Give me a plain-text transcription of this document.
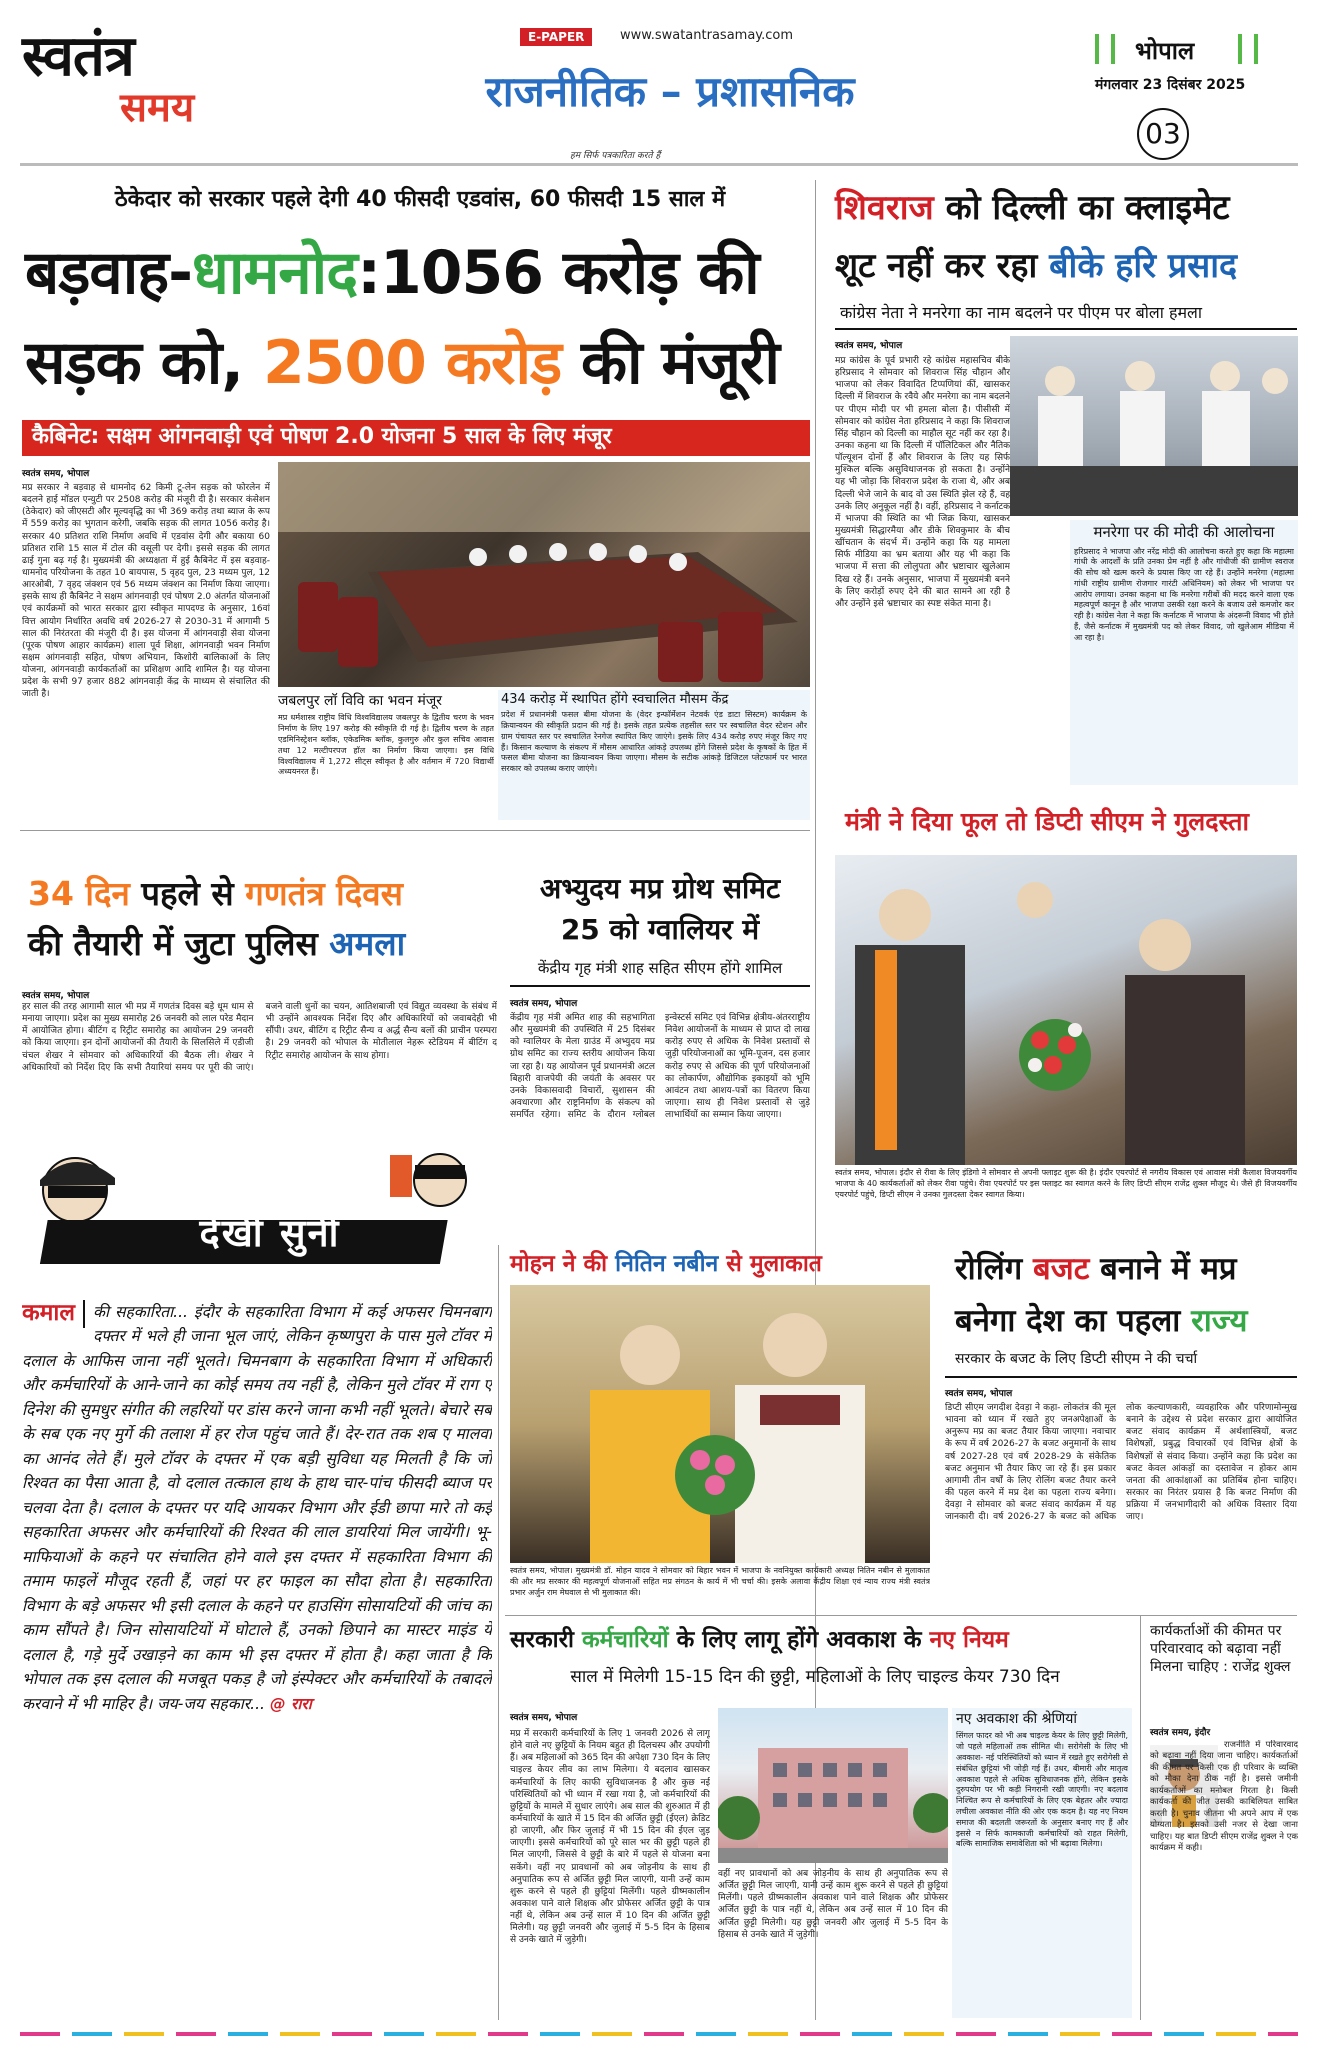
स्वतंत्र
समय
E-PAPER	www.swatantrasamay.com
राजनीतिक – प्रशासनिक
हम सिर्फ पत्रकारिता करते हैं
भोपाल
मंगलवार 23 दिसंबर 2025
03
ठेकेदार को सरकार पहले देगी 40 फीसदी एडवांस, 60 फीसदी 15 साल में
बड़वाह-धामनोद:1056 करोड़ की
सड़क को, 2500 करोड़ की मंजूरी
कैबिनेट: सक्षम आंगनवाड़ी एवं पोषण 2.0 योजना 5 साल के लिए मंजूर
स्वतंत्र समय, भोपाल
मप्र सरकार ने बड़वाह से धामनोद 62 किमी टू-लेन सड़क को फोरलेन में बदलने हाई मॉडल एन्युटी पर 2508 करोड़ की मंजूरी दी है। सरकार कंसेशन (ठेकेदार) को जीएसटी और मूल्यवृद्धि का भी 369 करोड़ तथा ब्याज के रूप में 559 करोड़ का भुगतान करेगी, जबकि सड़क की लागत 1056 करोड़ है। सरकार 40 प्रतिशत राशि निर्माण अवधि में एडवांस देगी और बकाया 60 प्रतिशत राशि 15 साल में टोल की वसूली पर देगी। इससे सड़क की लागत ढाई गुना बढ़ गई है। मुख्यमंत्री की अध्यक्षता में हुई कैबिनेट में इस बड़वाह-धामनोद परियोजना के तहत 10 बायपास, 5 वृहद पुल, 23 मध्यम पुल, 12 आरओबी, 7 वृहद जंक्शन एवं 56 मध्यम जंक्शन का निर्माण किया जाएगा। इसके साथ ही कैबिनेट ने सक्षम आंगनवाड़ी एवं पोषण 2.0 अंतर्गत योजनाओं एवं कार्यक्रमों को भारत सरकार द्वारा स्वीकृत मापदण्ड के अनुसार, 16वां वित्त आयोग निर्धारित अवधि वर्ष 2026-27 से 2030-31 में आगामी 5 साल की निरंतरता की मंजूरी दी है। इस योजना में आंगनवाड़ी सेवा योजना (पूरक पोषण आहार कार्यक्रम) शाला पूर्व शिक्षा, आंगनवाड़ी भवन निर्माण सक्षम आंगनवाड़ी सहित, पोषण अभियान, किशोरी बालिकाओं के लिए योजना, आंगनवाड़ी कार्यकर्ताओं का प्रशिक्षण आदि शामिल है। यह योजना प्रदेश के सभी 97 हजार 882 आंगनवाड़ी केंद्र के माध्यम से संचालित की जाती है।	जबलपुर लॉ विवि का भवन मंजूर
मप्र धर्मशास्त्र राष्ट्रीय विधि विश्वविद्यालय जबलपुर के द्वितीय चरण के भवन निर्माण के लिए 197 करोड़ की स्वीकृति दी गई है। द्वितीय चरण के तहत एडमिनिस्ट्रेशन ब्लॉक, एकेडमिक ब्लॉक, कुलगुरु और कुल सचिव आवास तथा 12 मल्टीपरपज हॉल का निर्माण किया जाएगा। इस विधि विश्वविद्यालय में 1,272 सीट्स स्वीकृत है और वर्तमान में 720 विद्यार्थी अध्ययनरत हैं।
434 करोड़ में स्थापित होंगे स्वचालित मौसम केंद्र
प्रदेश में प्रधानमंत्री फसल बीमा योजना के (वेदर इन्फॉर्मेशन नेटवर्क एंड डाटा सिस्टम) कार्यक्रम के क्रियान्वयन की स्वीकृति प्रदान की गई है। इसके तहत प्रत्येक तहसील स्तर पर स्वचालित वेदर स्टेशन और ग्राम पंचायत स्तर पर स्वचालित रेनगेज स्थापित किए जाएंगे। इसके लिए 434 करोड़ रुपए मंजूर किए गए हैं। किसान कल्याण के संकल्प में मौसम आधारित आंकड़े उपलब्ध होंगे जिससे प्रदेश के कृषकों के हित में फसल बीमा योजना का क्रियान्वयन किया जाएगा। मौसम के सटीक आंकड़े डिजिटल प्लेटफार्म पर भारत सरकार को उपलब्ध कराए जाएंगे।
शिवराज को दिल्ली का क्लाइमेट
शूट नहीं कर रहा बीके हरि प्रसाद
कांग्रेस नेता ने मनरेगा का नाम बदलने पर पीएम पर बोला हमला
स्वतंत्र समय, भोपाल
मप्र कांग्रेस के पूर्व प्रभारी रहे कांग्रेस महासचिव बीके हरिप्रसाद ने सोमवार को शिवराज सिंह चौहान और भाजपा को लेकर विवादित टिप्पणियां कीं, खासकर दिल्ली में शिवराज के रवैये और मनरेगा का नाम बदलने पर पीएम मोदी पर भी हमला बोला है। पीसीसी में सोमवार को कांग्रेस नेता हरिप्रसाद ने कहा कि शिवराज सिंह चौहान को दिल्ली का माहौल सूट नहीं कर रहा है। उनका कहना था कि दिल्ली में पॉलिटिकल और नैतिक पॉल्यूशन दोनों हैं और शिवराज के लिए यह सिर्फ मुश्किल बल्कि असुविधाजनक हो सकता है। उन्होंने यह भी जोड़ा कि शिवराज प्रदेश के राजा थे, और अब दिल्ली भेजे जाने के बाद वो उस स्थिति झेल रहे हैं, वह उनके लिए अनुकूल नहीं है। वहीं, हरिप्रसाद ने कर्नाटक में भाजपा की स्थिति का भी जिक्र किया, खासकर मुख्यमंत्री सिद्धारमैया और डीके शिवकुमार के बीच खींचतान के संदर्भ में। उन्होंने कहा कि यह मामला सिर्फ मीडिया का भ्रम बताया और यह भी कहा कि भाजपा में सत्ता की लोलुपता और भ्रष्टाचार खुलेआम दिख रहे हैं। उनके अनुसार, भाजपा में मुख्यमंत्री बनने के लिए करोड़ों रुपए देने की बात सामने आ रही है और उन्होंने इसे भ्रष्टाचार का स्पष्ट संकेत माना है।
मनरेगा पर की मोदी की आलोचना
हरिप्रसाद ने भाजपा और नरेंद्र मोदी की आलोचना करते हुए कहा कि महात्मा गांधी के आदर्शों के प्रति उनका प्रेम नहीं है और गांधीजी की ग्रामीण स्वराज की सोच को खत्म करने के प्रयास किए जा रहे हैं। उन्होंने मनरेगा (महात्मा गांधी राष्ट्रीय ग्रामीण रोजगार गारंटी अधिनियम) को लेकर भी भाजपा पर आरोप लगाया। उनका कहना था कि मनरेगा गरीबों की मदद करने वाला एक महत्वपूर्ण कानून है और भाजपा उसकी रक्षा करने के बजाय उसे कमजोर कर रही है। कांग्रेस नेता ने कहा कि कर्नाटक में भाजपा के अंदरूनी विवाद भी होते हैं, जैसे कर्नाटक में मुख्यमंत्री पद को लेकर विवाद, जो खुलेआम मीडिया में आ रहा है।
34 दिन पहले से गणतंत्र दिवस
की तैयारी में जुटा पुलिस अमला
स्वतंत्र समय, भोपाल
हर साल की तरह आगामी साल भी मप्र में गणतंत्र दिवस बड़े धूम धाम से मनाया जाएगा। प्रदेश का मुख्य समारोह 26 जनवरी को लाल परेड मैदान में आयोजित होगा। बीटिंग द रिट्रीट समारोह का आयोजन 29 जनवरी को किया जाएगा। इन दोनों आयोजनों की तैयारी के सिलसिले में एडीजी चंचल शेखर ने सोमवार को अधिकारियों की बैठक ली। शेखर ने अधिकारियों को निर्देश दिए कि सभी तैयारियां समय पर पूरी की जाएं। बजने वाली धुनों का चयन, आतिशबाजी एवं विद्युत व्यवस्था के संबंध में भी उन्होंने आवश्यक निर्देश दिए और अधिकारियों को जवाबदेही भी सौंपी। उधर, बीटिंग द रिट्रीट सैन्य व अर्द्ध सैन्य बलों की प्राचीन परम्परा है। 29 जनवरी को भोपाल के मोतीलाल नेहरू स्टेडियम में बीटिंग द रिट्रीट समारोह आयोजन के साथ होगा।
अभ्युदय मप्र ग्रोथ समिट
25 को ग्वालियर में
केंद्रीय गृह मंत्री शाह सहित सीएम होंगे शामिल
स्वतंत्र समय, भोपाल
केंद्रीय गृह मंत्री अमित शाह की सहभागिता और मुख्यमंत्री की उपस्थिति में 25 दिसंबर को ग्वालियर के मेला ग्राउंड में अभ्युदय मप्र ग्रोथ समिट का राज्य स्तरीय आयोजन किया जा रहा है। यह आयोजन पूर्व प्रधानमंत्री अटल बिहारी वाजपेयी की जयंती के अवसर पर उनके विकासवादी विचारों, सुशासन की अवधारणा और राष्ट्रनिर्माण के संकल्प को समर्पित रहेगा। समिट के दौरान ग्लोबल इन्वेस्टर्स समिट एवं विभिन्न क्षेत्रीय-अंतरराष्ट्रीय निवेश आयोजनों के माध्यम से प्राप्त दो लाख करोड़ रुपए से अधिक के निवेश प्रस्तावों से जुड़ी परियोजनाओं का भूमि-पूजन, दस हजार करोड़ रुपए से अधिक की पूर्ण परियोजनाओं का लोकार्पण, औद्योगिक इकाइयों को भूमि आवंटन तथा आशय-पत्रों का वितरण किया जाएगा। साथ ही निवेश प्रस्तावों से जुड़े लाभार्थियों का सम्मान किया जाएगा।
मंत्री ने दिया फूल तो डिप्टी सीएम ने गुलदस्ता
स्वतंत्र समय, भोपाल। इंदौर से रीवा के लिए इंडिगो ने सोमवार से अपनी फ्लाइट शुरू की है। इंदौर एयरपोर्ट से नगरीय विकास एवं आवास मंत्री कैलाश विजयवर्गीय भाजपा के 40 कार्यकर्ताओं को लेकर रीवा पहुंचे। रीवा एयरपोर्ट पर इस फ्लाइट का स्वागत करने के लिए डिप्टी सीएम राजेंद्र शुक्ल मौजूद थे। जैसे ही विजयवर्गीय एयरपोर्ट पहुंचे, डिप्टी सीएम ने उनका गुलदस्ता देकर स्वागत किया।
देखी सुनी
कमाल	की सहकारिता... इंदौर के सहकारिता विभाग में कई अफसर चिमनबाग दफ्तर में भले ही जाना भूल जाएं, लेकिन कृष्णपुरा के पास मुले टॉवर में दलाल के आफिस जाना नहीं भूलते। चिमनबाग के सहकारिता विभाग में अधिकारी और कर्मचारियों के आने-जाने का कोई समय तय नहीं है, लेकिन मुले टॉवर में राग ए दिनेश की सुमधुर संगीत की लहरियों पर डांस करने जाना कभी नहीं भूलते। बेचारे सब के सब एक नए मुर्गे की तलाश में हर रोज पहुंच जाते हैं। देर-रात तक शब ए मालवा का आनंद लेते हैं। मुले टॉवर के दफ्तर में एक बड़ी सुविधा यह मिलती है कि जो रिश्वत का पैसा आता है, वो दलाल तत्काल हाथ के हाथ चार-पांच फीसदी ब्याज पर चलवा देता है। दलाल के दफ्तर पर यदि आयकर विभाग और ईडी छापा मारे तो कई सहकारिता अफसर और कर्मचारियों की रिश्वत की लाल डायरियां मिल जायेंगी। भू-माफियाओं के कहने पर संचालित होने वाले इस दफ्तर में सहकारिता विभाग की तमाम फाइलें मौजूद रहती हैं, जहां पर हर फाइल का सौदा होता है। सहकारिता विभाग के बड़े अफसर भी इसी दलाल के कहने पर हाउसिंग सोसायटियों की जांच का काम सौंपते है। जिन सोसायटियों में घोटाले हैं, उनको छिपाने का मास्टर माइंड ये दलाल है, गड़े मुर्दे उखाड़ने का काम भी इस दफ्तर में होता है। कहा जाता है कि भोपाल तक इस दलाल की मजबूत पकड़ है जो इंस्पेक्टर और कर्मचारियों के तबादले करवाने में भी माहिर है। जय-जय सहकार... @ रारा
मोहन ने की नितिन नबीन से मुलाकात
स्वतंत्र समय, भोपाल। मुख्यमंत्री डॉ. मोहन यादव ने सोमवार को बिहार भवन में भाजपा के नवनियुक्त कार्यकारी अध्यक्ष नितिन नबीन से मुलाकात की और मप्र सरकार की महत्वपूर्ण योजनाओं सहित मप्र संगठन के कार्य में भी चर्चा की। इसके अलावा केंद्रीय शिक्षा एवं न्याय राज्य मंत्री स्वतंत्र प्रभार अर्जुन राम मेघवाल से भी मुलाकात की।
रोलिंग बजट बनाने में मप्र
बनेगा देश का पहला राज्य
सरकार के बजट के लिए डिप्टी सीएम ने की चर्चा
स्वतंत्र समय, भोपाल
डिप्टी सीएम जगदीश देवड़ा ने कहा- लोकतंत्र की मूल भावना को ध्यान में रखते हुए जनअपेक्षाओं के अनुरूप मप्र का बजट तैयार किया जाएगा। नवाचार के रूप में वर्ष 2026-27 के बजट अनुमानों के साथ वर्ष 2027-28 एवं वर्ष 2028-29 के संकेतिक बजट अनुमान भी तैयार किए जा रहे हैं। इस प्रकार आगामी तीन वर्षों के लिए रोलिंग बजट तैयार करने की पहल करने में मप्र देश का पहला राज्य बनेगा। देवड़ा ने सोमवार को बजट संवाद कार्यक्रम में यह जानकारी दी। वर्ष 2026-27 के बजट को अधिक लोक कल्याणकारी, व्यवहारिक और परिणामोन्मुख बनाने के उद्देश्य से प्रदेश सरकार द्वारा आयोजित बजट संवाद कार्यक्रम में अर्थशास्त्रियों, बजट विशेषज्ञों, प्रबुद्ध विचारकों एवं विभिन्न क्षेत्रों के विशेषज्ञों से संवाद किया। उन्होंने कहा कि प्रदेश का बजट केवल आंकड़ों का दस्तावेज न होकर आम जनता की आकांक्षाओं का प्रतिबिंब होना चाहिए। सरकार का निरंतर प्रयास है कि बजट निर्माण की प्रक्रिया में जनभागीदारी को अधिक विस्तार दिया जाए।
सरकारी कर्मचारियों के लिए लागू होंगे अवकाश के नए नियम
साल में मिलेगी 15-15 दिन की छुट्टी, महिलाओं के लिए चाइल्ड केयर 730 दिन
स्वतंत्र समय, भोपाल
मप्र में सरकारी कर्मचारियों के लिए 1 जनवरी 2026 से लागू होने वाले नए छुट्टियों के नियम बहुत ही दिलचस्प और उपयोगी हैं। अब महिलाओं को 365 दिन की अपेक्षा 730 दिन के लिए चाइल्ड केयर लीव का लाभ मिलेगा। ये बदलाव खासकर कर्मचारियों के लिए काफी सुविधाजनक है और कुछ नई परिस्थितियों को भी ध्यान में रखा गया है, जो कर्मचारियों की छुट्टियों के मामले में सुधार लाएंगे। अब साल की शुरुआत में ही कर्मचारियों के खाते में 15 दिन की अर्जित छुट्टी (ईएल) क्रेडिट हो जाएगी, और फिर जुलाई में भी 15 दिन की ईएल जुड़ जाएगी। इससे कर्मचारियों को पूरे साल भर की छुट्टी पहले ही मिल जाएगी, जिससे वे छुट्टी के बारे में पहले से योजना बना सकेंगे। वहीं नए प्रावधानों को अब जोड़नीय के साथ ही अनुपातिक रूप से अर्जित छुट्टी मिल जाएगी, यानी उन्हें काम शुरू करने से पहले ही छुट्टियां मिलेंगी। पहले ग्रीष्मकालीन अवकाश पाने वाले शिक्षक और प्रोफेसर अर्जित छुट्टी के पात्र नहीं थे, लेकिन अब उन्हें साल में 10 दिन की अर्जित छुट्टी मिलेगी। यह छुट्टी जनवरी और जुलाई में 5-5 दिन के हिसाब से उनके खाते में जुड़ेगी।
वहीं नए प्रावधानों को अब जोड़नीय के साथ ही अनुपातिक रूप से अर्जित छुट्टी मिल जाएगी, यानी उन्हें काम शुरू करने से पहले ही छुट्टियां मिलेंगी। पहले ग्रीष्मकालीन अवकाश पाने वाले शिक्षक और प्रोफेसर अर्जित छुट्टी के पात्र नहीं थे, लेकिन अब उन्हें साल में 10 दिन की अर्जित छुट्टी मिलेगी। यह छुट्टी जनवरी और जुलाई में 5-5 दिन के हिसाब से उनके खाते में जुड़ेगी।
नए अवकाश की श्रेणियां
सिंगल फादर को भी अब चाइल्ड केयर के लिए छुट्टी मिलेगी, जो पहले महिलाओं तक सीमित थी। सरोगेसी के लिए भी अवकाश- नई परिस्थितियों को ध्यान में रखते हुए सरोगेसी से संबंधित छुट्टियां भी जोड़ी गई हैं। उधर, बीमारी और मातृत्व अवकाश पहले से अधिक सुविधाजनक होंगे, लेकिन इसके दुरुपयोग पर भी कड़ी निगरानी रखी जाएगी। नए बदलाव निश्चित रूप से कर्मचारियों के लिए एक बेहतर और ज्यादा लचीला अवकाश नीति की ओर एक कदम है। यह नए नियम समाज की बदलती जरूरतों के अनुसार बनाए गए हैं और इससे न सिर्फ कामकाजी कर्मचारियों को राहत मिलेगी, बल्कि सामाजिक समावेशिता को भी बढ़ावा मिलेगा।
कार्यकर्ताओं की कीमत पर परिवारवाद को बढ़ावा नहीं मिलना चाहिए : राजेंद्र शुक्ल
स्वतंत्र समय, इंदौर
राजनीति में परिवारवाद को बढ़ावा नहीं दिया जाना चाहिए। कार्यकर्ताओं की कीमत पर किसी एक ही परिवार के व्यक्ति को मौका देना ठीक नहीं है। इससे जमीनी कार्यकर्ताओं का मनोबल गिरता है। किसी कार्यकर्ता की जीत उसकी काबिलियत साबित करती है। चुनाव जीतना भी अपने आप में एक योग्यता है। इसको उसी नजर से देखा जाना चाहिए। यह बात डिप्टी सीएम राजेंद्र शुक्ल ने एक कार्यक्रम में कही।
